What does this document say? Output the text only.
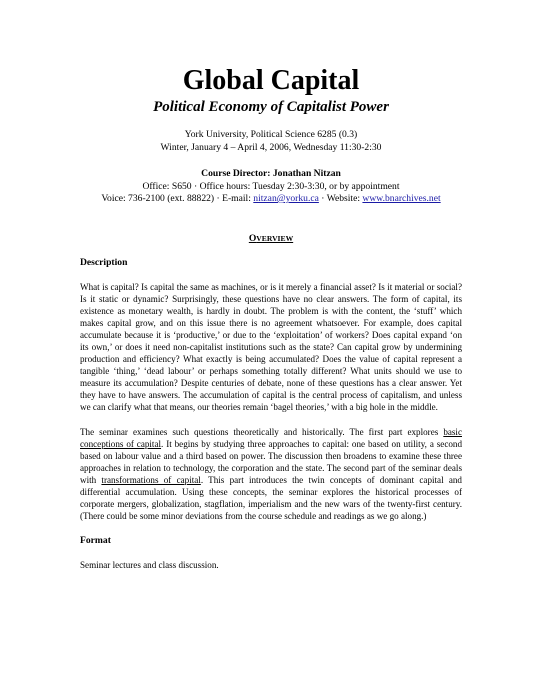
Global Capital
Political Economy of Capitalist Power
York University, Political Science 6285 (0.3)
Winter, January 4 – April 4, 2006, Wednesday 11:30-2:30
Course Director: Jonathan Nitzan
Office: S650 · Office hours: Tuesday 2:30-3:30, or by appointment
Voice: 736-2100 (ext. 88822) · E-mail: nitzan@yorku.ca · Website: www.bnarchives.net
OVERVIEW
Description

What is capital? Is capital the same as machines, or is it merely a financial asset? Is it material or social? Is it static or dynamic? Surprisingly, these questions have no clear answers. The form of capital, its existence as monetary wealth, is hardly in doubt. The problem is with the content, the ‘stuff’ which makes capital grow, and on this issue there is no agreement whatsoever. For example, does capital accumulate because it is ‘productive,’ or due to the ‘exploitation’ of workers? Does capital expand ‘on its own,’ or does it need non-capitalist institutions such as the state? Can capital grow by undermining production and efficiency? What exactly is being accumulated? Does the value of capital represent a tangible ‘thing,’ ‘dead labour’ or perhaps something totally different? What units should we use to measure its accumulation? Despite centuries of debate, none of these questions has a clear answer. Yet they have to have answers. The accumulation of capital is the central process of capitalism, and unless we can clarify what that means, our theories remain ‘bagel theories,’ with a big hole in the middle.

The seminar examines such questions theoretically and historically. The first part explores basic conceptions of capital. It begins by studying three approaches to capital: one based on utility, a second based on labour value and a third based on power. The discussion then broadens to examine these three approaches in relation to technology, the corporation and the state. The second part of the seminar deals with transformations of capital. This part introduces the twin concepts of dominant capital and differential accumulation. Using these concepts, the seminar explores the historical processes of corporate mergers, globalization, stagflation, imperialism and the new wars of the twenty-first century. (There could be some minor deviations from the course schedule and readings as we go along.)

Format
Seminar lectures and class discussion.
